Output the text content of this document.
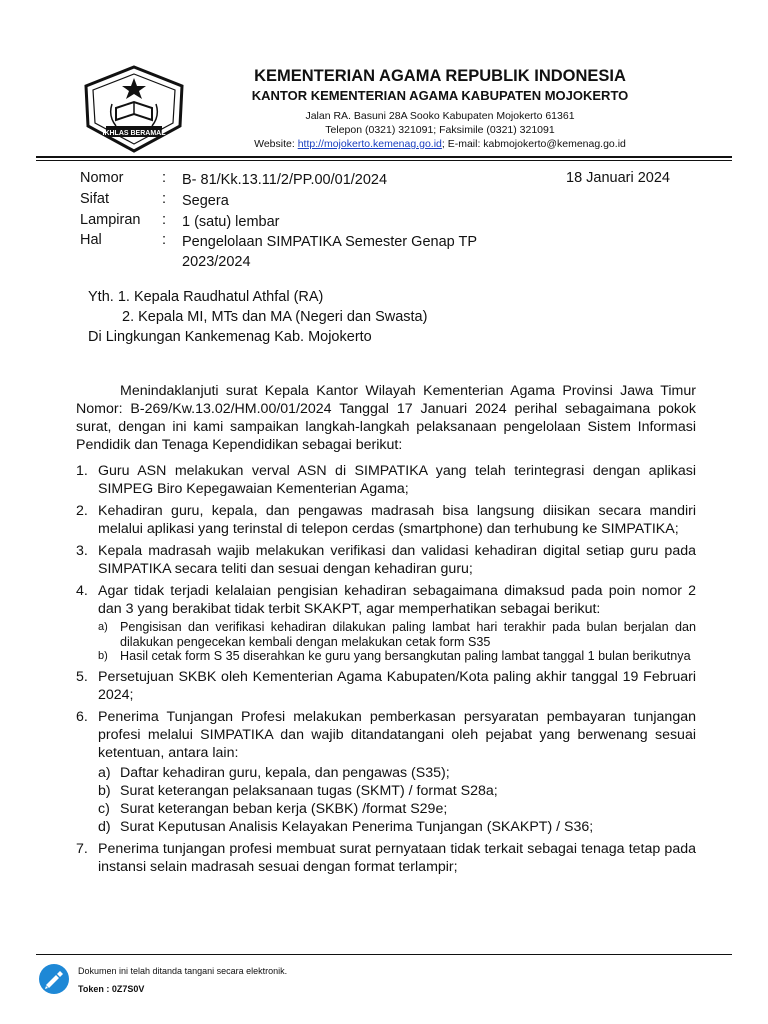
IKHLAS BERAMAL
KEMENTERIAN AGAMA REPUBLIK INDONESIA
KANTOR KEMENTERIAN AGAMA KABUPATEN MOJOKERTO
Jalan RA. Basuni 28A Sooko Kabupaten Mojokerto 61361
Telepon (0321) 321091; Faksimile (0321) 321091
Website: http://mojokerto.kemenag.go.id; E-mail: kabmojokerto@kemenag.go.id
Nomor	: B- 81/Kk.13.11/2/PP.00/01/2024	18 Januari 2024
Sifat	: Segera
Lampiran : 1 (satu) lembar
Hal	: Pengelolaan SIMPATIKA Semester Genap TP 2023/2024
Yth. 1. Kepala Raudhatul Athfal (RA)
2. Kepala MI, MTs dan MA (Negeri dan Swasta)
Di Lingkungan Kankemenag Kab. Mojokerto
Menindaklanjuti surat Kepala Kantor Wilayah Kementerian Agama Provinsi Jawa Timur Nomor: B-269/Kw.13.02/HM.00/01/2024 Tanggal 17 Januari 2024 perihal sebagaimana pokok surat, dengan ini kami sampaikan langkah-langkah pelaksanaan pengelolaan Sistem Informasi Pendidik dan Tenaga Kependidikan sebagai berikut:
1. Guru ASN melakukan verval ASN di SIMPATIKA yang telah terintegrasi dengan aplikasi SIMPEG Biro Kepegawaian Kementerian Agama;
2. Kehadiran guru, kepala, dan pengawas madrasah bisa langsung diisikan secara mandiri melalui aplikasi yang terinstal di telepon cerdas (smartphone) dan terhubung ke SIMPATIKA;
3. Kepala madrasah wajib melakukan verifikasi dan validasi kehadiran digital setiap guru pada SIMPATIKA secara teliti dan sesuai dengan kehadiran guru;
4. Agar tidak terjadi kelalaian pengisian kehadiran sebagaimana dimaksud pada poin nomor 2 dan 3 yang berakibat tidak terbit SKAKPT, agar memperhatikan sebagai berikut:
a) Pengisisan dan verifikasi kehadiran dilakukan paling lambat hari terakhir pada bulan berjalan dan dilakukan pengecekan kembali dengan melakukan cetak form S35
b) Hasil cetak form S 35 diserahkan ke guru yang bersangkutan paling lambat tanggal 1 bulan berikutnya
5. Persetujuan SKBK oleh Kementerian Agama Kabupaten/Kota paling akhir tanggal 19 Februari 2024;
6. Penerima Tunjangan Profesi melakukan pemberkasan persyaratan pembayaran tunjangan profesi melalui SIMPATIKA dan wajib ditandatangani oleh pejabat yang berwenang sesuai ketentuan, antara lain:
a) Daftar kehadiran guru, kepala, dan pengawas (S35);
b) Surat keterangan pelaksanaan tugas (SKMT) / format S28a;
c) Surat keterangan beban kerja (SKBK) /format S29e;
d) Surat Keputusan Analisis Kelayakan Penerima Tunjangan (SKAKPT) / S36;
7. Penerima tunjangan profesi membuat surat pernyataan tidak terkait sebagai tenaga tetap pada instansi selain madrasah sesuai dengan format terlampir;
Dokumen ini telah ditanda tangani secara elektronik.
Token : 0Z7S0V
